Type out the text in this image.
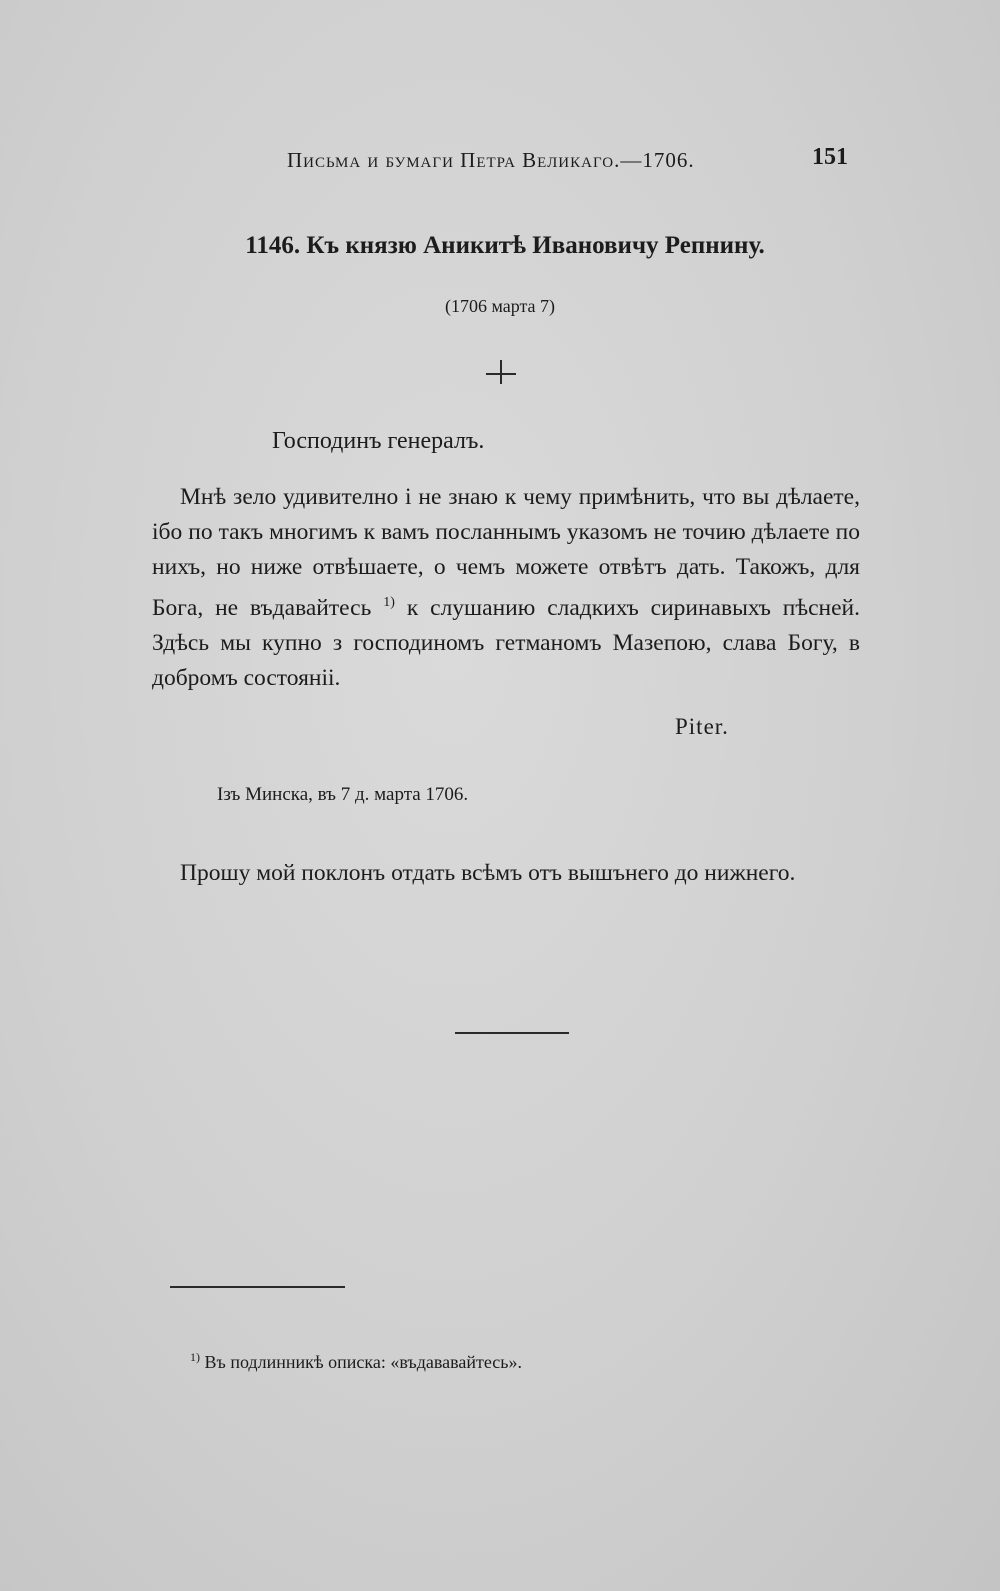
Письма и бумаги Петра Великаго.—1706.	151
1146. Къ князю Аникитѣ Ивановичу Репнину.
(1706 марта 7)
Господинъ генералъ.
Мнѣ зело удивително і не знаю к чему примѣнить, что вы дѣлаете, ібо по такъ многимъ к вамъ посланнымъ указомъ не точию дѣлаете по нихъ, но ниже отвѣшаете, о чемъ можете отвѣтъ дать. Такожъ, для Бога, не въдавайтесь $^{1)}$ к слушанию сладкихъ сиринавыхъ пѣсней. Здѣсь мы купно з господиномъ гетманомъ Мазепою, слава Богу, в добромъ состоянiі.
Piter.
Iзъ Минска, въ 7 д. марта 1706.
Прошу мой поклонъ отдать всѣмъ отъ вышънего до нижнего.
$^{1)}$ Въ подлинникѣ описка: «въдававайтесь».
